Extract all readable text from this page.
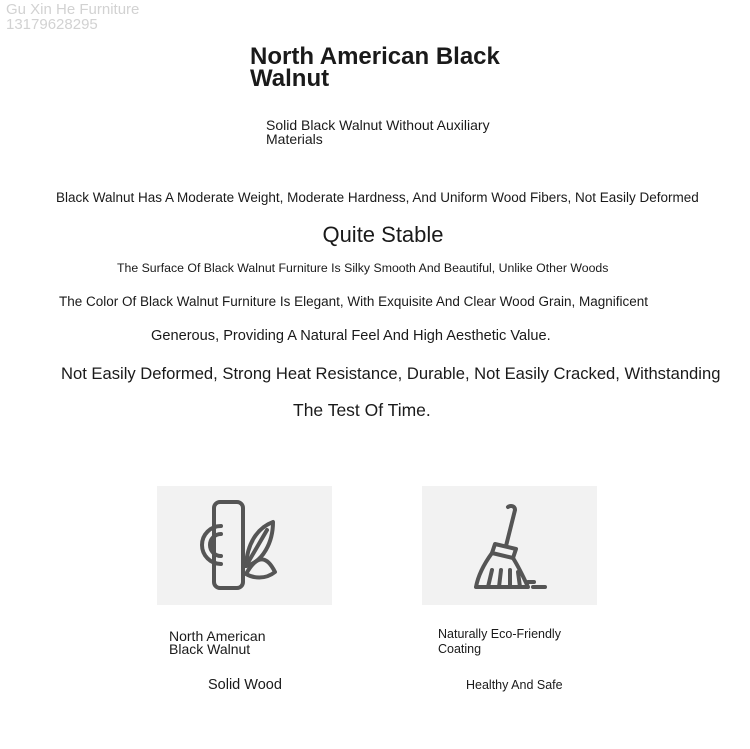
Gu Xin He Furniture
13179628295
North American Black Walnut
Solid Black Walnut Without Auxiliary Materials
Black Walnut Has A Moderate Weight, Moderate Hardness, And Uniform Wood Fibers, Not Easily Deformed
Quite Stable
The Surface Of Black Walnut Furniture Is Silky Smooth And Beautiful, Unlike Other Woods
The Color Of Black Walnut Furniture Is Elegant, With Exquisite And Clear Wood Grain, Magnificent
Generous, Providing A Natural Feel And High Aesthetic Value.
Not Easily Deformed, Strong Heat Resistance, Durable, Not Easily Cracked, Withstanding
The Test Of Time.
North American Black Walnut
Solid Wood
Naturally Eco-Friendly Coating
Healthy And Safe
